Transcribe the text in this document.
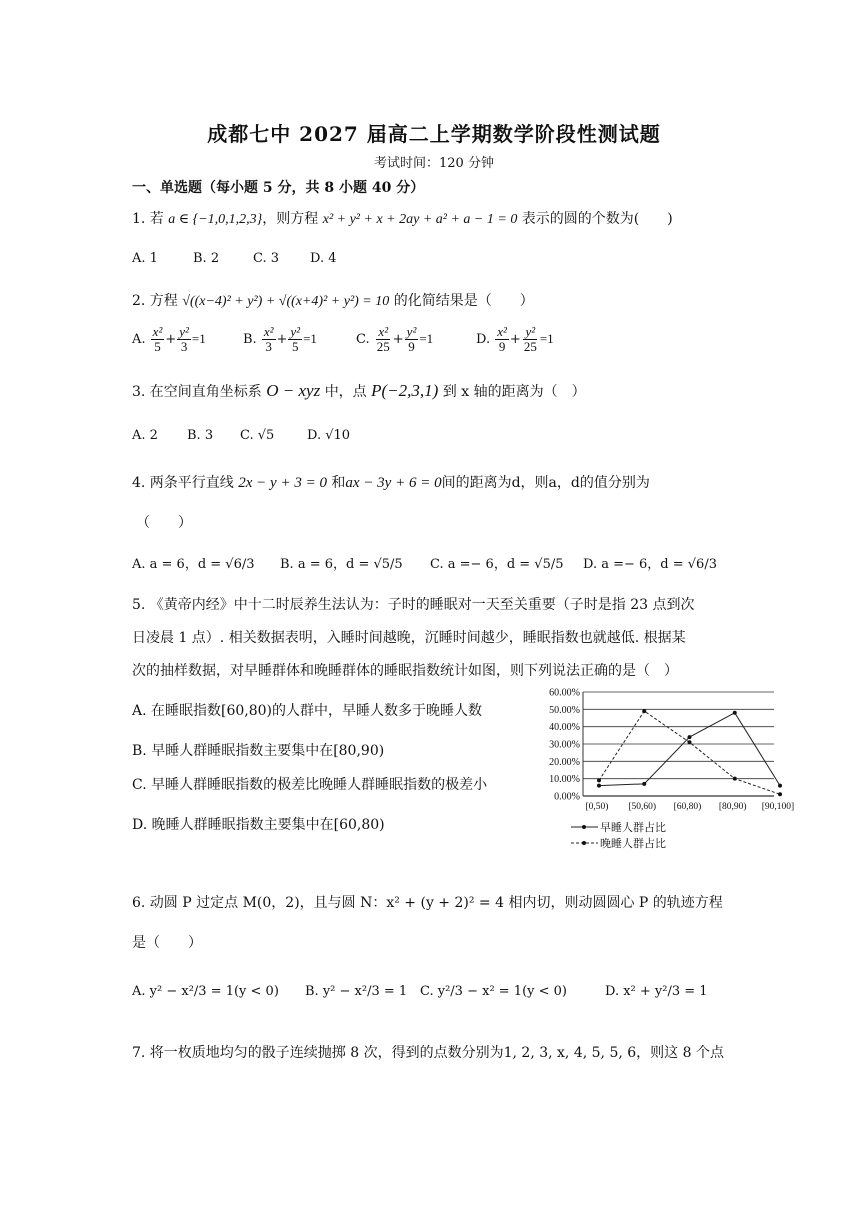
成都七中 2027 届高二上学期数学阶段性测试题
考试时间：120 分钟
一、单选题（每小题 5 分，共 8 小题 40 分）
1. 若 a ∈ {−1,0,1,2,3}，则方程 x² + y² + x + 2ay + a² + a − 1 = 0 表示的圆的个数为(　　)
A. 1	B. 2	C. 3 D. 4
2. 方程 √((x−4)² + y²) + √((x+4)² + y²) = 10 的化简结果是（　　）
A.
$\frac{\text{x²}}{5} + \frac{\text{y²}}{3} =1$	B.
$\frac{\text{x²}}{3} + \frac{\text{y²}}{5} =1$	C.
$\frac{\text{x²}}{25} + \frac{\text{y²}}{9} =1$	D.
$\frac{\text{x²}}{9} + \frac{\text{y²}}{25} =1$
3. 在空间直角坐标系 O − xyz 中，点 P(−2,3,1) 到 x 轴的距离为（　）
A. 2 B. 3 C. √5	D. √10
4. 两条平行直线 2x − y + 3 = 0 和ax − 3y + 6 = 0间的距离为d，则a，d的值分别为
（　　）
A. a = 6，d = √6/3 B. a = 6，d = √5/5 C. a =− 6，d = √5/5 D. a =− 6，d = √6/3
5. 《黄帝内经》中十二时辰养生法认为：子时的睡眠对一天至关重要（子时是指 23 点到次
日凌晨 1 点）. 相关数据表明，入睡时间越晚，沉睡时间越少，睡眠指数也就越低. 根据某
次的抽样数据，对早睡群体和晚睡群体的睡眠指数统计如图，则下列说法正确的是（　）
A. 在睡眠指数[60,80)的人群中，早睡人数多于晚睡人数
B. 早睡人群睡眠指数主要集中在[80,90)
C. 早睡人群睡眠指数的极差比晚睡人群睡眠指数的极差小
D. 晚睡人群睡眠指数主要集中在[60,80)
0.00%
10.00%
20.00%
30.00%
40.00%
50.00%
60.00%
[0,50) [50,60) [60,80) [80,90) [90,100]
早睡人群占比
晚睡人群占比
6. 动圆 P 过定点 M(0，2)，且与圆 N：x² + (y + 2)² = 4 相内切，则动圆圆心 P 的轨迹方程
是（　　）
A. y² − x²/3 = 1(y < 0) B. y² − x²/3 = 1 C. y²/3 − x² = 1(y < 0)	D. x² + y²/3 = 1
7. 将一枚质地均匀的骰子连续抛掷 8 次，得到的点数分别为1, 2, 3, x, 4, 5, 5, 6，则这 8 个点
